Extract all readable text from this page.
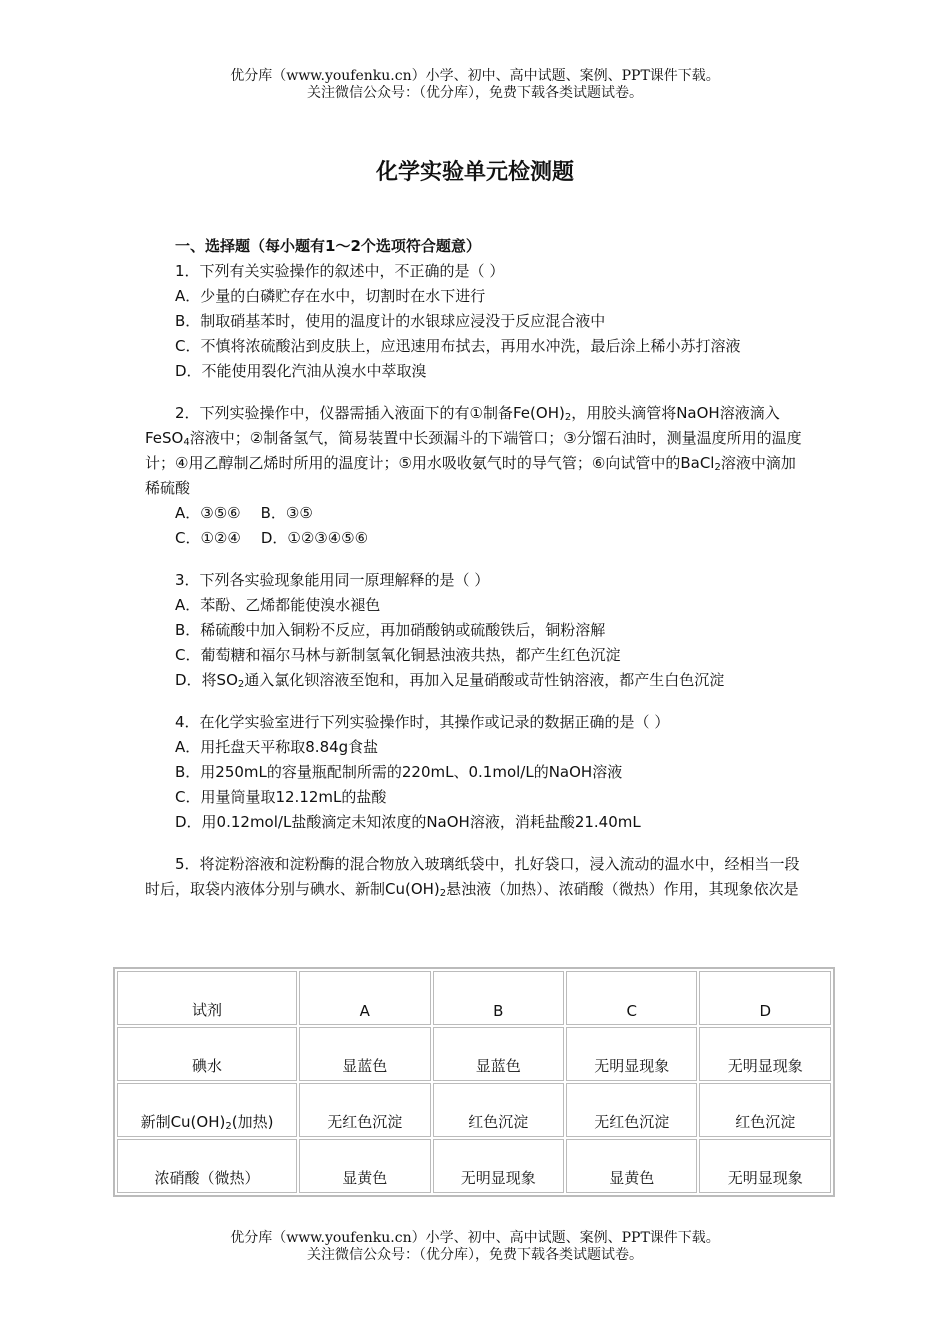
优分库（www.youfenku.cn）小学、初中、高中试题、案例、PPT课件下载。
关注微信公众号：（优分库），免费下载各类试题试卷。
化学实验单元检测题

一、选择题（每小题有1～2个选项符合题意）

1．下列有关实验操作的叙述中，不正确的是（ ）

A．少量的白磷贮存在水中，切割时在水下进行

B．制取硝基苯时，使用的温度计的水银球应浸没于反应混合液中

C．不慎将浓硫酸沾到皮肤上，应迅速用布拭去，再用水冲洗，最后涂上稀小苏打溶液

D．不能使用裂化汽油从溴水中萃取溴

2．下列实验操作中，仪器需插入液面下的有①制备$Fe(OH)_2$，用胶头滴管将NaOH溶液滴入FeSO$_4$溶液中；②制备氢气，简易装置中长颈漏斗的下端管口；③分馏石油时，测量温度所用的温度计；④用乙醇制乙烯时所用的温度计；⑤用水吸收氨气时的导气管；⑥向试管中的BaCl$_2$溶液中滴加稀硫酸

A．③⑤⑥ B．③⑤

C．①②④ D．①②③④⑤⑥

3．下列各实验现象能用同一原理解释的是（ ）

A．苯酚、乙烯都能使溴水褪色

B．稀硫酸中加入铜粉不反应，再加硝酸钠或硫酸铁后，铜粉溶解

C．葡萄糖和福尔马林与新制氢氧化铜悬浊液共热，都产生红色沉淀

D．将$SO_2$通入氯化钡溶液至饱和，再加入足量硝酸或苛性钠溶液，都产生白色沉淀

4．在化学实验室进行下列实验操作时，其操作或记录的数据正确的是（ ）

A．用托盘天平称取8.84g食盐

B．用250mL的容量瓶配制所需的220mL、0.1mol/L的NaOH溶液

C．用量筒量取12.12mL的盐酸

D．用0.12mol/L盐酸滴定未知浓度的NaOH溶液，消耗盐酸21.40mL

5．将淀粉溶液和淀粉酶的混合物放入玻璃纸袋中，扎好袋口，浸入流动的温水中，经相当一段时后，取袋内液体分别与碘水、新制$Cu(OH)_2$悬浊液（加热）、浓硝酸（微热）作用，其现象依次是

试剂	A	B	C	D
碘水	显蓝色	显蓝色	无明显现象	无明显现象
新制$Cu(OH)_2$(加热)	无红色沉淀	红色沉淀	无红色沉淀	红色沉淀
浓硝酸（微热）	显黄色	无明显现象	显黄色	无明显现象
优分库（www.youfenku.cn）小学、初中、高中试题、案例、PPT课件下载。
关注微信公众号：（优分库），免费下载各类试题试卷。
